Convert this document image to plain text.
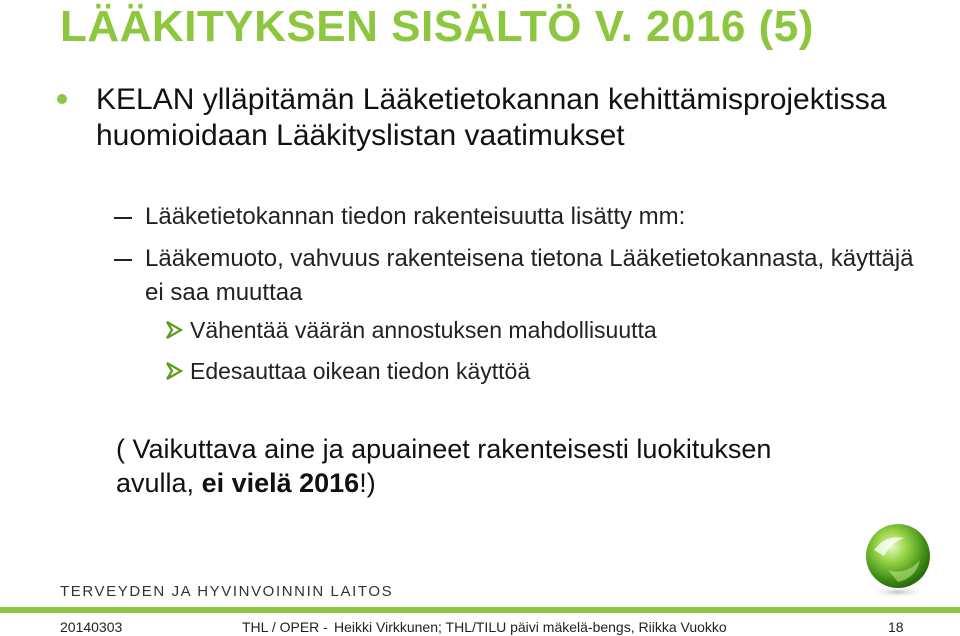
LÄÄKITYKSEN SISÄLTÖ V. 2016 (5)
KELAN ylläpitämän Lääketietokannan kehittämisprojektissa huomioidaan Lääkityslistan vaatimukset
Lääketietokannan tiedon rakenteisuutta lisätty mm:
Lääkemuoto, vahvuus rakenteisena tietona Lääketietokannasta, käyttäjä ei saa muuttaa
Vähentää väärän annostuksen mahdollisuutta
Edesauttaa oikean tiedon käyttöä
( Vaikuttava aine ja apuaineet rakenteisesti luokituksen avulla, ei vielä 2016!)
TERVEYDEN JA HYVINVOINNIN LAITOS
20140303	THL / OPER - Heikki Virkkunen; THL/TILU päivi mäkelä-bengs, Riikka Vuokko	18
